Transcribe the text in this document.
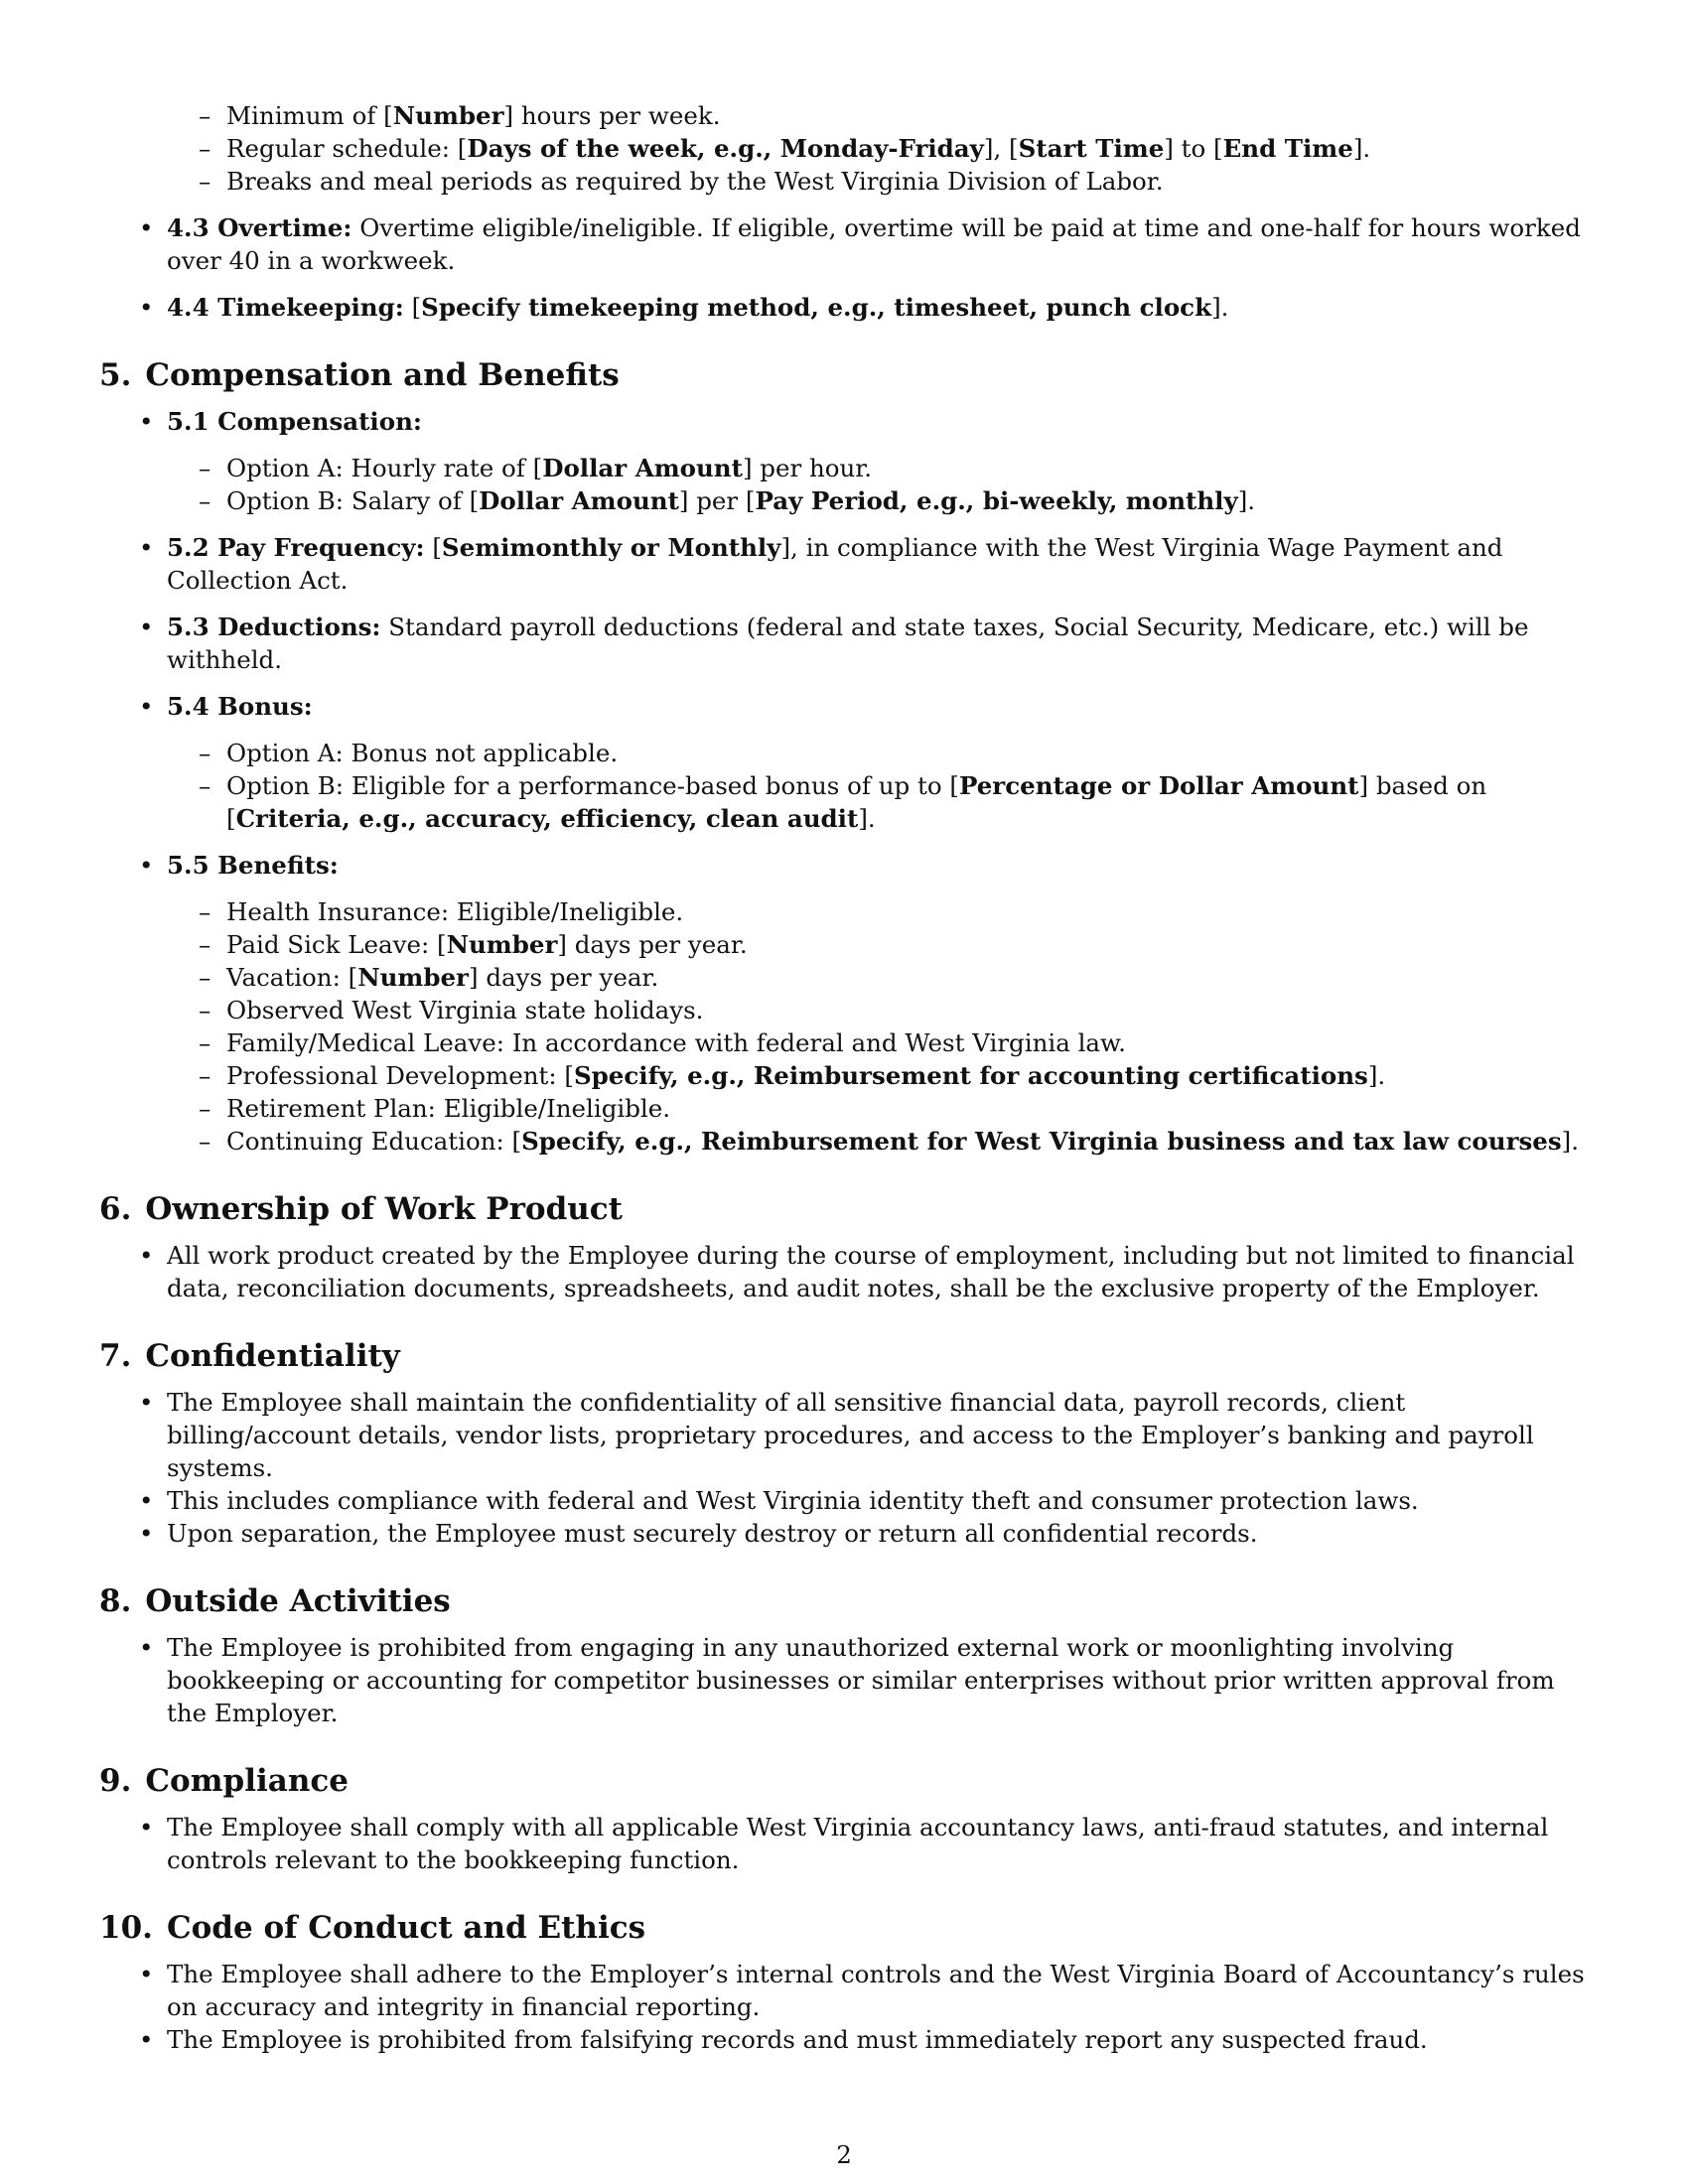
– Minimum of [Number] hours per week.
– Regular schedule: [Days of the week, e.g., Monday-Friday], [Start Time] to [End Time].
– Breaks and meal periods as required by the West Virginia Division of Labor.
• 4.3 Overtime: Overtime eligible/ineligible. If eligible, overtime will be paid at time and one-half for hours worked over 40 in a workweek.
• 4.4 Timekeeping: [Specify timekeeping method, e.g., timesheet, punch clock].
5. Compensation and Benefits
• 5.1 Compensation:
– Option A: Hourly rate of [Dollar Amount] per hour.
– Option B: Salary of [Dollar Amount] per [Pay Period, e.g., bi-weekly, monthly].
• 5.2 Pay Frequency: [Semimonthly or Monthly], in compliance with the West Virginia Wage Payment and Collection Act.
• 5.3 Deductions: Standard payroll deductions (federal and state taxes, Social Security, Medicare, etc.) will be withheld.
• 5.4 Bonus:
– Option A: Bonus not applicable.
– Option B: Eligible for a performance-based bonus of up to [Percentage or Dollar Amount] based on [Criteria, e.g., accuracy, efficiency, clean audit].
• 5.5 Benefits:
– Health Insurance: Eligible/Ineligible.
– Paid Sick Leave: [Number] days per year.
– Vacation: [Number] days per year.
– Observed West Virginia state holidays.
– Family/Medical Leave: In accordance with federal and West Virginia law.
– Professional Development: [Specify, e.g., Reimbursement for accounting certifications].
– Retirement Plan: Eligible/Ineligible.
– Continuing Education: [Specify, e.g., Reimbursement for West Virginia business and tax law courses].
6. Ownership of Work Product
• All work product created by the Employee during the course of employment, including but not limited to financial data, reconciliation documents, spreadsheets, and audit notes, shall be the exclusive property of the Employer.
7. Confidentiality
• The Employee shall maintain the confidentiality of all sensitive financial data, payroll records, client billing/account details, vendor lists, proprietary procedures, and access to the Employer’s banking and payroll systems.
• This includes compliance with federal and West Virginia identity theft and consumer protection laws.
• Upon separation, the Employee must securely destroy or return all confidential records.
8. Outside Activities
• The Employee is prohibited from engaging in any unauthorized external work or moonlighting involving bookkeeping or accounting for competitor businesses or similar enterprises without prior written approval from the Employer.
9. Compliance
• The Employee shall comply with all applicable West Virginia accountancy laws, anti-fraud statutes, and internal controls relevant to the bookkeeping function.
10. Code of Conduct and Ethics
• The Employee shall adhere to the Employer’s internal controls and the West Virginia Board of Accountancy’s rules on accuracy and integrity in financial reporting.
• The Employee is prohibited from falsifying records and must immediately report any suspected fraud.
2
